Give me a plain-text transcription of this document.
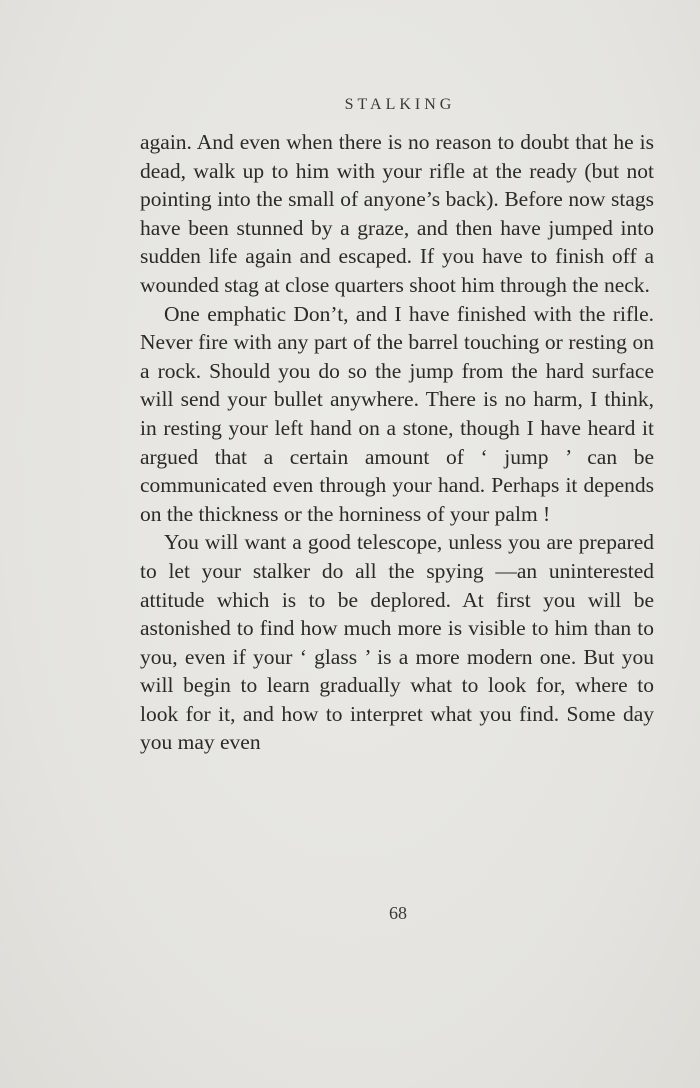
STALKING

again. And even when there is no reason to doubt that he is dead, walk up to him with your rifle at the ready (but not pointing into the small of anyone’s back). Before now stags have been stunned by a graze, and then have jumped into sudden life again and escaped. If you have to finish off a wounded stag at close quarters shoot him through the neck.

One emphatic Don’t, and I have finished with the rifle. Never fire with any part of the barrel touching or resting on a rock. Should you do so the jump from the hard surface will send your bullet anywhere. There is no harm, I think, in resting your left hand on a stone, though I have heard it argued that a certain amount of ‘ jump ’ can be communicated even through your hand. Perhaps it depends on the thickness or the horniness of your palm !

You will want a good telescope, unless you are prepared to let your stalker do all the spying —an uninterested attitude which is to be deplored. At first you will be astonished to find how much more is visible to him than to you, even if your ‘ glass ’ is a more modern one. But you will begin to learn gradually what to look for, where to look for it, and how to interpret what you find. Some day you may even

68
